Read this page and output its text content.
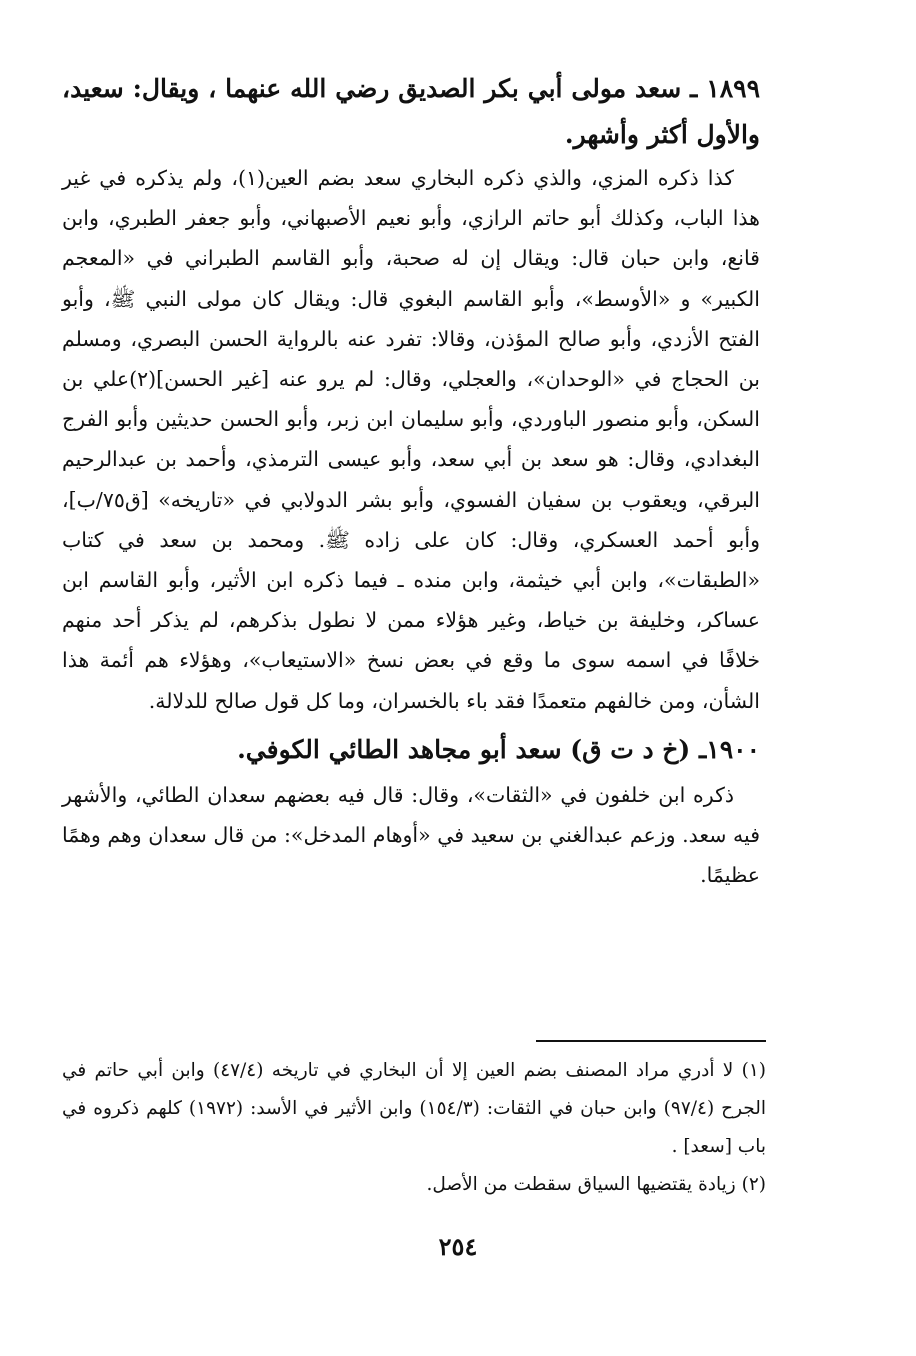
١٨٩٩ ـ سعد مولى أبي بكر الصديق رضي الله عنهما ، ويقال: سعيد، والأول أكثر وأشهر.

كذا ذكره المزي، والذي ذكره البخاري سعد بضم العين(١)، ولم يذكره في غير هذا الباب، وكذلك أبو حاتم الرازي، وأبو نعيم الأصبهاني، وأبو جعفر الطبري، وابن قانع، وابن حبان قال: ويقال إن له صحبة، وأبو القاسم الطبراني في «المعجم الكبير» و «الأوسط»، وأبو القاسم البغوي قال: ويقال كان مولى النبي ﷺ، وأبو الفتح الأزدي، وأبو صالح المؤذن، وقالا: تفرد عنه بالرواية الحسن البصري، ومسلم بن الحجاج في «الوحدان»، والعجلي، وقال: لم يرو عنه [غير الحسن](٢)علي بن السكن، وأبو منصور الباوردي، وأبو سليمان ابن زبر، وأبو الحسن حديثين وأبو الفرج البغدادي، وقال: هو سعد بن أبي سعد، وأبو عيسى الترمذي، وأحمد بن عبدالرحيم البرقي، ويعقوب بن سفيان الفسوي، وأبو بشر الدولابي في «تاريخه» [ق٧٥/ب]، وأبو أحمد العسكري، وقال: كان على زاده ﷺ. ومحمد بن سعد في كتاب «الطبقات»، وابن أبي خيثمة، وابن منده ـ فيما ذكره ابن الأثير، وأبو القاسم ابن عساكر، وخليفة بن خياط، وغير هؤلاء ممن لا نطول بذكرهم، لم يذكر أحد منهم خلافًا في اسمه سوى ما وقع في بعض نسخ «الاستيعاب»، وهؤلاء هم أئمة هذا الشأن، ومن خالفهم متعمدًا فقد باء بالخسران، وما كل قول صالح للدلالة.

١٩٠٠ـ (خ د ت ق) سعد أبو مجاهد الطائي الكوفي.

ذكره ابن خلفون في «الثقات»، وقال: قال فيه بعضهم سعدان الطائي، والأشهر فيه سعد. وزعم عبدالغني بن سعيد في «أوهام المدخل»: من قال سعدان وهم وهمًا عظيمًا.

(١) لا أدري مراد المصنف بضم العين إلا أن البخاري في تاريخه (٤٧/٤) وابن أبي حاتم في الجرح (٩٧/٤) وابن حبان في الثقات: (١٥٤/٣) وابن الأثير في الأسد: (١٩٧٢) كلهم ذكروه في باب [سعد] .

(٢) زيادة يقتضيها السياق سقطت من الأصل.

٢٥٤
